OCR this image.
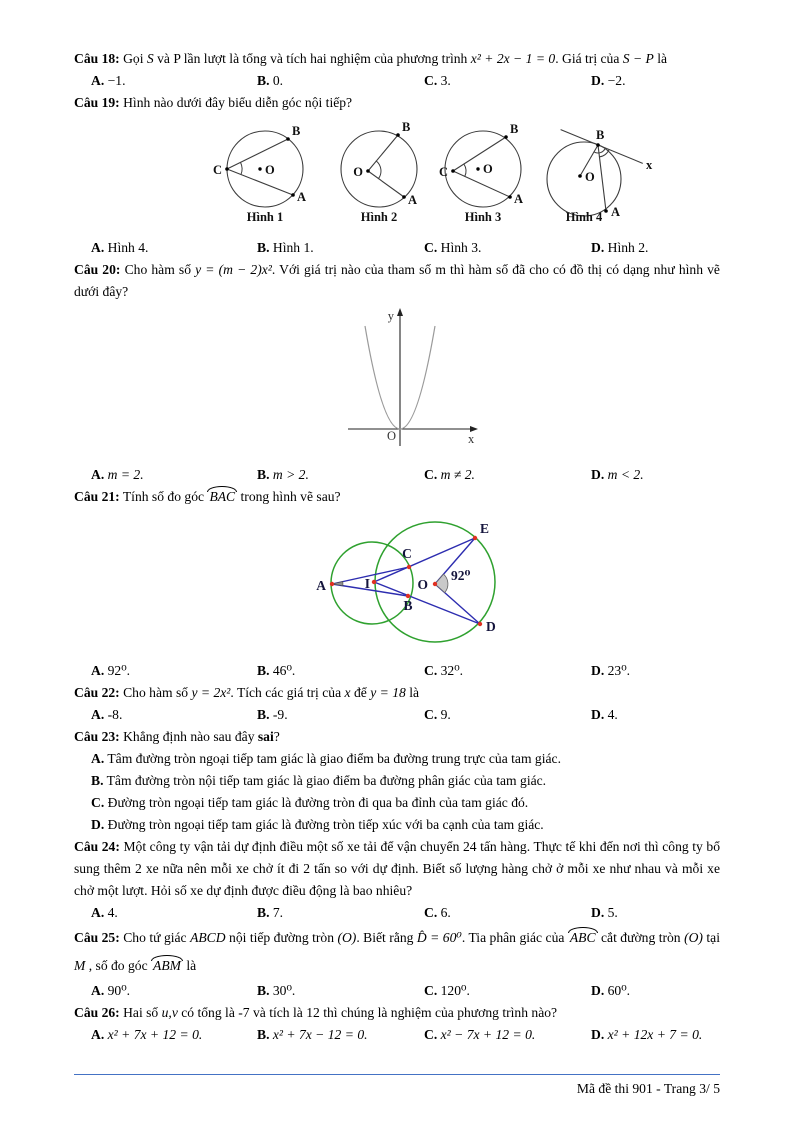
Câu 18: Gọi S và P lần lượt là tổng và tích hai nghiệm của phương trình x² + 2x − 1 = 0. Giá trị của S − P là

A. −1.	B. 0.	C. 3.	D. −2.

Câu 19: Hình nào dưới đây biểu diễn góc nội tiếp?

C	O
B
A
Hình 1
O
B
A
Hình 2
C	O
B
A
Hình 3
B
O
A
x
Hình 4
A. Hình 4.	B. Hình 1.	C. Hình 3.	D. Hình 2.

Câu 20: Cho hàm số y = (m − 2)x². Với giá trị nào của tham số m thì hàm số đã cho có đồ thị có dạng như hình vẽ dưới đây?

y
x
O
A. m = 2.	B. m > 2.	C. m ≠ 2.	D. m < 2.

Câu 21: Tính số đo góc BAC trong hình vẽ sau?

A	I
C
B
O
E
D
92⁰
A. 92⁰.	B. 46⁰.	C. 32⁰.	D. 23⁰.

Câu 22: Cho hàm số y = 2x². Tích các giá trị của x để y = 18 là

A. -8.	B. -9.	C. 9.	D. 4.

Câu 23: Khẳng định nào sau đây sai?

A. Tâm đường tròn ngoại tiếp tam giác là giao điểm ba đường trung trực của tam giác.
B. Tâm đường tròn nội tiếp tam giác là giao điểm ba đường phân giác của tam giác.
C. Đường tròn ngoại tiếp tam giác là đường tròn đi qua ba đỉnh của tam giác đó.
D. Đường tròn ngoại tiếp tam giác là đường tròn tiếp xúc với ba cạnh của tam giác.

Câu 24: Một công ty vận tải dự định điều một số xe tải để vận chuyển 24 tấn hàng. Thực tế khi đến nơi thì công ty bổ sung thêm 2 xe nữa nên mỗi xe chở ít đi 2 tấn so với dự định. Biết số lượng hàng chở ở mỗi xe như nhau và mỗi xe chở một lượt. Hỏi số xe dự định được điều động là bao nhiêu?

A. 4.	B. 7.	C. 6.	D. 5.

Câu 25: Cho tứ giác ABCD nội tiếp đường tròn (O). Biết rằng D̂ = 60⁰. Tia phân giác của ABC cắt đường tròn (O) tại M , số đo góc ABM là

A. 90⁰.	B. 30⁰.	C. 120⁰.	D. 60⁰.

Câu 26: Hai số u,v có tổng là -7 và tích là 12 thì chúng là nghiệm của phương trình nào?

A. x² + 7x + 12 = 0.	B. x² + 7x − 12 = 0.	C. x² − 7x + 12 = 0.	D. x² + 12x + 7 = 0.
Mã đề thi 901 - Trang 3/ 5
